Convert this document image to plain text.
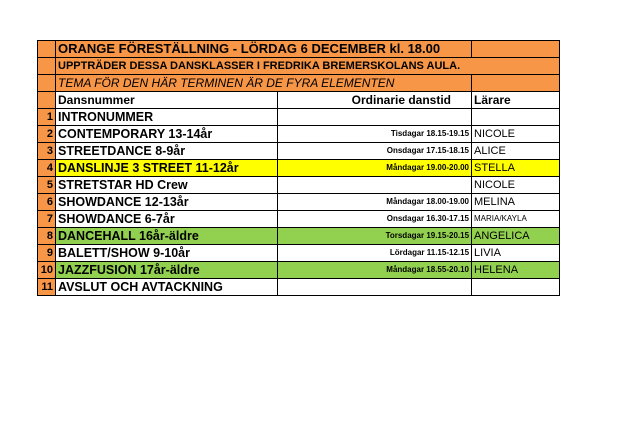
	ORANGE FÖRESTÄLLNING - LÖRDAG 6 DECEMBER kl. 18.00		
	UPPTRÄDER DESSA DANSKLASSER I FREDRIKA BREMERSKOLANS AULA.		
	TEMA FÖR DEN HÄR TERMINEN ÄR DE FYRA ELEMENTEN		
	Dansnummer	Ordinarie danstid	Lärare
1	INTRONUMMER		
2	CONTEMPORARY 13-14år	Tisdagar 18.15-19.15	NICOLE
3	STREETDANCE 8-9år	Onsdagar 17.15-18.15	ALICE
4	DANSLINJE 3 STREET 11-12år	Måndagar 19.00-20.00	STELLA
5	STRETSTAR HD Crew		NICOLE
6	SHOWDANCE 12-13år	Måndagar 18.00-19.00	MELINA
7	SHOWDANCE 6-7år	Onsdagar 16.30-17.15	MARIA/KAYLA
8	DANCEHALL 16år-äldre	Torsdagar 19.15-20.15	ANGELICA
9	BALETT/SHOW 9-10år	Lördagar 11.15-12.15	LIVIA
10	JAZZFUSION 17år-äldre	Måndagar 18.55-20.10	HELENA
11	AVSLUT OCH AVTACKNING		
